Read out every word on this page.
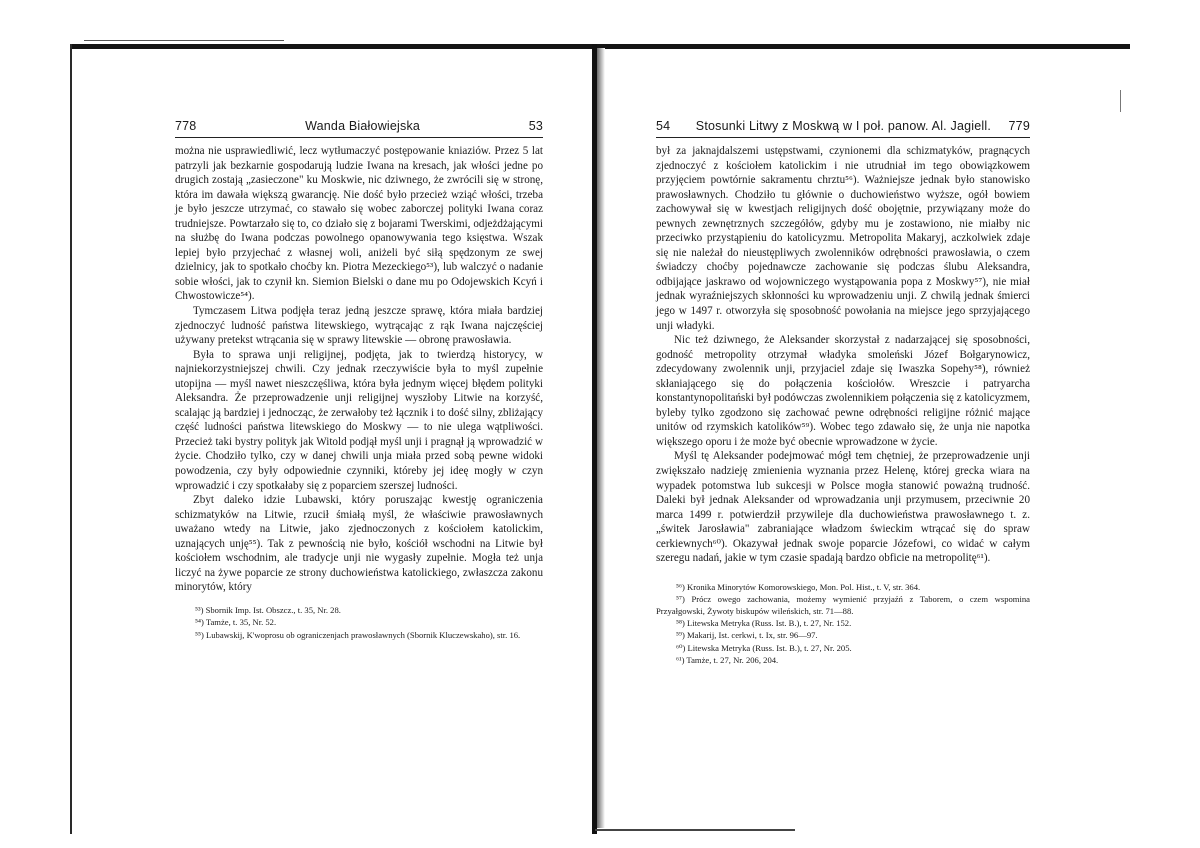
778	Wanda Białowiejska	53

można nie usprawiedliwić, lecz wytłumaczyć postępowanie kniaziów. Przez 5 lat patrzyli jak bezkarnie gospodarują ludzie Iwana na kresach, jak włości jedne po drugich zostają „zasieczone" ku Moskwie, nic dziwnego, że zwrócili się w stronę, która im dawała większą gwarancję. Nie dość było przecież wziąć włości, trzeba je było jeszcze utrzymać, co stawało się wobec zaborczej polityki Iwana coraz trudniejsze. Powtarzało się to, co działo się z bojarami Twerskimi, odjeżdżającymi na służbę do Iwana podczas powolnego opanowywania tego księstwa. Wszak lepiej było przyjechać z własnej woli, aniżeli być siłą spędzonym ze swej dzielnicy, jak to spotkało choćby kn. Piotra Mezeckiego⁵³), lub walczyć o nadanie sobie włości, jak to czynił kn. Siemion Bielski o dane mu po Odojewskich Kcyń i Chwostowicze⁵⁴).

Tymczasem Litwa podjęła teraz jedną jeszcze sprawę, która miała bardziej zjednoczyć ludność państwa litewskiego, wytrącając z rąk Iwana najczęściej używany pretekst wtrącania się w sprawy litewskie — obronę prawosławia.

Była to sprawa unji religijnej, podjęta, jak to twierdzą historycy, w najniekorzystniejszej chwili. Czy jednak rzeczywiście była to myśl zupełnie utopijna — myśl nawet nieszczęśliwa, która była jednym więcej błędem polityki Aleksandra. Że przeprowadzenie unji religijnej wyszłoby Litwie na korzyść, scalając ją bardziej i jednocząc, że zerwałoby też łącznik i to dość silny, zbliżający część ludności państwa litewskiego do Moskwy — to nie ulega wątpliwości. Przecież taki bystry polityk jak Witold podjął myśl unji i pragnął ją wprowadzić w życie. Chodziło tylko, czy w danej chwili unja miała przed sobą pewne widoki powodzenia, czy były odpowiednie czynniki, któreby jej ideę mogły w czyn wprowadzić i czy spotkałaby się z poparciem szerszej ludności.

Zbyt daleko idzie Lubawski, który poruszając kwestję ograniczenia schizmatyków na Litwie, rzucił śmiałą myśl, że właściwie prawosławnych uważano wtedy na Litwie, jako zjednoczonych z kościołem katolickim, uznających unję⁵⁵). Tak z pewnością nie było, kościół wschodni na Litwie był kościołem wschodnim, ale tradycje unji nie wygasły zupełnie. Mogła też unja liczyć na żywe poparcie ze strony duchowieństwa katolickiego, zwłaszcza zakonu minorytów, który

⁵³) Sbornik Imp. Ist. Obszcz., t. 35, Nr. 28.

⁵⁴) Tamże, t. 35, Nr. 52.

⁵⁵) Lubawskij, K'woprosu ob ograniczenjach prawosławnych (Sbornik Kluczewskaho), str. 16.

54	Stosunki Litwy z Moskwą w I poł. panow. Al. Jagiell.	779

był za jaknajdalszemi ustępstwami, czynionemi dla schizmatyków, pragnących zjednoczyć z kościołem katolickim i nie utrudniał im tego obowiązkowem przyjęciem powtórnie sakramentu chrztu⁵⁶). Ważniejsze jednak było stanowisko prawosławnych. Chodziło tu głównie o duchowieństwo wyższe, ogół bowiem zachowywał się w kwestjach religijnych dość obojętnie, przywiązany może do pewnych zewnętrznych szczegółów, gdyby mu je zostawiono, nie miałby nic przeciwko przystąpieniu do katolicyzmu. Metropolita Makaryj, aczkolwiek zdaje się nie należał do nieustępliwych zwolenników odrębności prawosławia, o czem świadczy choćby pojednawcze zachowanie się podczas ślubu Aleksandra, odbijające jaskrawo od wojowniczego wystąpowania popa z Moskwy⁵⁷), nie miał jednak wyraźniejszych skłonności ku wprowadzeniu unji. Z chwilą jednak śmierci jego w 1497 r. otworzyła się sposobność powołania na miejsce jego sprzyjającego unji władyki.

Nic też dziwnego, że Aleksander skorzystał z nadarzającej się sposobności, godność metropolity otrzymał władyka smoleński Józef Bołgarynowicz, zdecydowany zwolennik unji, przyjaciel zdaje się Iwaszka Sopehy⁵⁸), również skłaniającego się do połączenia kościołów. Wreszcie i patryarcha konstantynopolitański był podówczas zwolennikiem połączenia się z katolicyzmem, byleby tylko zgodzono się zachować pewne odrębności religijne różnić mające unitów od rzymskich katolików⁵⁹). Wobec tego zdawało się, że unja nie napotka większego oporu i że może być obecnie wprowadzone w życie.

Myśl tę Aleksander podejmować mógł tem chętniej, że przeprowadzenie unji zwiększało nadzieję zmienienia wyznania przez Helenę, której grecka wiara na wypadek potomstwa lub sukcesji w Polsce mogła stanowić poważną trudność. Daleki był jednak Aleksander od wprowadzania unji przymusem, przeciwnie 20 marca 1499 r. potwierdził przywileje dla duchowieństwa prawosławnego t. z. „świtek Jarosławia" zabraniające władzom świeckim wtrącać się do spraw cerkiewnych⁶⁰). Okazywał jednak swoje poparcie Józefowi, co widać w całym szeregu nadań, jakie w tym czasie spadają bardzo obficie na metropolitę⁶¹).

⁵⁶) Kronika Minorytów Komorowskiego, Mon. Pol. Hist., t. V, str. 364.

⁵⁷) Prócz owego zachowania, możemy wymienić przyjaźń z Taborem, o czem wspomina Przyałgowski, Żywoty biskupów wileńskich, str. 71—88.

⁵⁸) Litewska Metryka (Russ. Ist. B.), t. 27, Nr. 152.

⁵⁹) Makarij, Ist. cerkwi, t. Ix, str. 96—97.

⁶⁰) Litewska Metryka (Russ. Ist. B.), t. 27, Nr. 205.

⁶¹) Tamże, t. 27, Nr. 206, 204.
